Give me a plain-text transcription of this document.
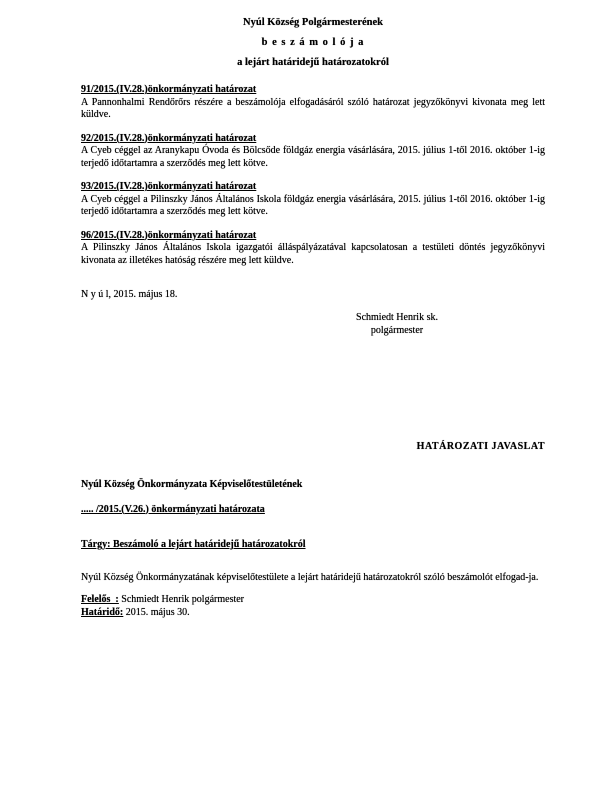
Nyúl Község Polgármesterének
b e s z á m o l ó j a
a lejárt határidejű határozatokról
91/2015.(IV.28.)önkormányzati határozat
A Pannonhalmi Rendőrőrs részére a beszámolója elfogadásáról szóló határozat jegyzőkönyvi kivonata meg lett küldve.
92/2015.(IV.28.)önkormányzati határozat
A Cyeb céggel az Aranykapu Óvoda és Bölcsőde földgáz energia vásárlására, 2015. július 1-től 2016. október 1-ig terjedő időtartamra a szerződés meg lett kötve.
93/2015.(IV.28.)önkormányzati határozat
A Cyeb céggel a Pilinszky János Általános Iskola földgáz energia vásárlására, 2015. július 1-től 2016. október 1-ig terjedő időtartamra a szerződés meg lett kötve.
96/2015.(IV.28.)önkormányzati határozat
A Pilinszky János Általános Iskola igazgatói álláspályázatával kapcsolatosan a testületi döntés jegyzőkönyvi kivonata az illetékes hatóság részére meg lett küldve.
N y ú l, 2015. május 18.
Schmiedt Henrik sk.
polgármester
HATÁROZATI JAVASLAT
Nyúl Község Önkormányzata Képviselőtestületének
..... /2015.(V.26.) önkormányzati határozata
Tárgy: Beszámoló a lejárt határidejű határozatokról
Nyúl Község Önkormányzatának képviselőtestülete a lejárt határidejű határozatokról szóló beszámolót elfogad-ja.
Felelős  : Schmiedt Henrik polgármester
Határidő: 2015. május 30.
